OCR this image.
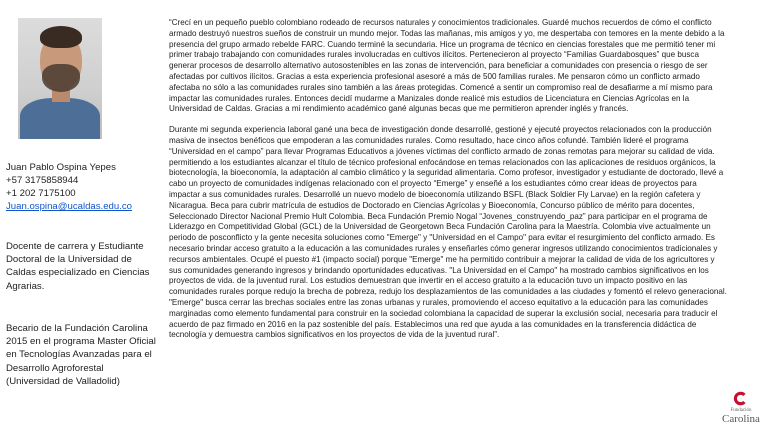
Juan Pablo Ospina Yepes
+57 3175858944
+1 202 7175100
Juan.ospina@ucaldas.edu.co
Docente de carrera y Estudiante Doctoral de la Universidad de Caldas especializado en Ciencias Agrarias.
Becario de la Fundación Carolina 2015 en el programa Master Oficial en Tecnologías Avanzadas para el Desarrollo Agroforestal (Universidad de Valladolid)

“Crecí en un pequeño pueblo colombiano rodeado de recursos naturales y conocimientos tradicionales. Guardé muchos recuerdos de cómo el conflicto armado destruyó nuestros sueños de construir un mundo mejor. Todas las mañanas, mis amigos y yo, me despertaba con temores en la mente debido a la presencia del grupo armado rebelde FARC. Cuando terminé la secundaria. Hice un programa de técnico en ciencias forestales que me permitió tener mi primer trabajo trabajando con comunidades rurales involucradas en cultivos ilícitos. Pertenecieron al proyecto “Familias Guardabosques” que busca generar procesos de desarrollo alternativo autosostenibles en las zonas de intervención, para beneficiar a comunidades con presencia o riesgo de ser afectadas por cultivos ilícitos. Gracias a esta experiencia profesional asesoré a más de 500 familias rurales. Me pensaron cómo un conflicto armado afectaba no sólo a las comunidades rurales sino también a las áreas protegidas. Comencé a sentir un compromiso real de desafiarme a mí mismo para impactar las comunidades rurales. Entonces decidí mudarme a Manizales donde realicé mis estudios de Licenciatura en Ciencias Agrícolas en la Universidad de Caldas. Gracias a mi rendimiento académico gané algunas becas que me permitieron aprender inglés y francés.

Durante mi segunda experiencia laboral gané una beca de investigación donde desarrollé, gestioné y ejecuté proyectos relacionados con la producción masiva de insectos benéficos que empoderan a las comunidades rurales. Como resultado, hace cinco años cofundé. También lideré el programa “Universidad en el campo” para llevar Programas Educativos a jóvenes víctimas del conflicto armado de zonas remotas para mejorar su calidad de vida. permitiendo a los estudiantes alcanzar el título de técnico profesional enfocándose en temas relacionados con las aplicaciones de residuos orgánicos, la biotecnología, la bioeconomía, la adaptación al cambio climático y la seguridad alimentaria. Como profesor, investigador y estudiante de doctorado, llevé a cabo un proyecto de comunidades indígenas relacionado con el proyecto “Emerge” y enseñé a los estudiantes cómo crear ideas de proyectos para impactar a sus comunidades rurales. Desarrollé un nuevo modelo de bioeconomía utilizando BSFL (Black Soldier Fly Larvae) en la región cafetera y Nicaragua. Beca para cubrir matrícula de estudios de Doctorado en Ciencias Agrícolas y Bioeconomía, Concurso público de mérito para docentes, Seleccionado Director Nacional Premio Hult Colombia. Beca Fundación Premio Nogal “Jovenes_construyendo_paz” para participar en el programa de Liderazgo en Competitividad Global (GCL) de la Universidad de Georgetown Beca Fundación Carolina para la Maestría. Colombia vive actualmente un periodo de posconflicto y la gente necesita soluciones como "Emerge" y "Universidad en el Campo" para evitar el resurgimiento del conflicto armado. Es necesario brindar acceso gratuito a la educación a las comunidades rurales y enseñarles cómo generar ingresos utilizando conocimientos tradicionales y recursos ambientales. Ocupé el puesto #1 (impacto social) porque "Emerge" me ha permitido contribuir a mejorar la calidad de vida de los agricultores y sus comunidades generando ingresos y brindando oportunidades educativas. "La Universidad en el Campo" ha mostrado cambios significativos en los proyectos de vida. de la juventud rural. Los estudios demuestran que invertir en el acceso gratuito a la educación tuvo un impacto positivo en las comunidades rurales porque redujo la brecha de pobreza, redujo los desplazamientos de las comunidades a las ciudades y fomentó el relevo generacional. "Emerge" busca cerrar las brechas sociales entre las zonas urbanas y rurales, promoviendo el acceso equitativo a la educación para las comunidades marginadas como elemento fundamental para construir en la sociedad colombiana la capacidad de superar la exclusión social, necesaria para traducir el acuerdo de paz firmado en 2016 en la paz sostenible del país. Establecimos una red que ayuda a las comunidades en la transferencia didáctica de tecnología y demuestra cambios significativos en los proyectos de vida de la juventud rural”.

Fundación
Carolina
